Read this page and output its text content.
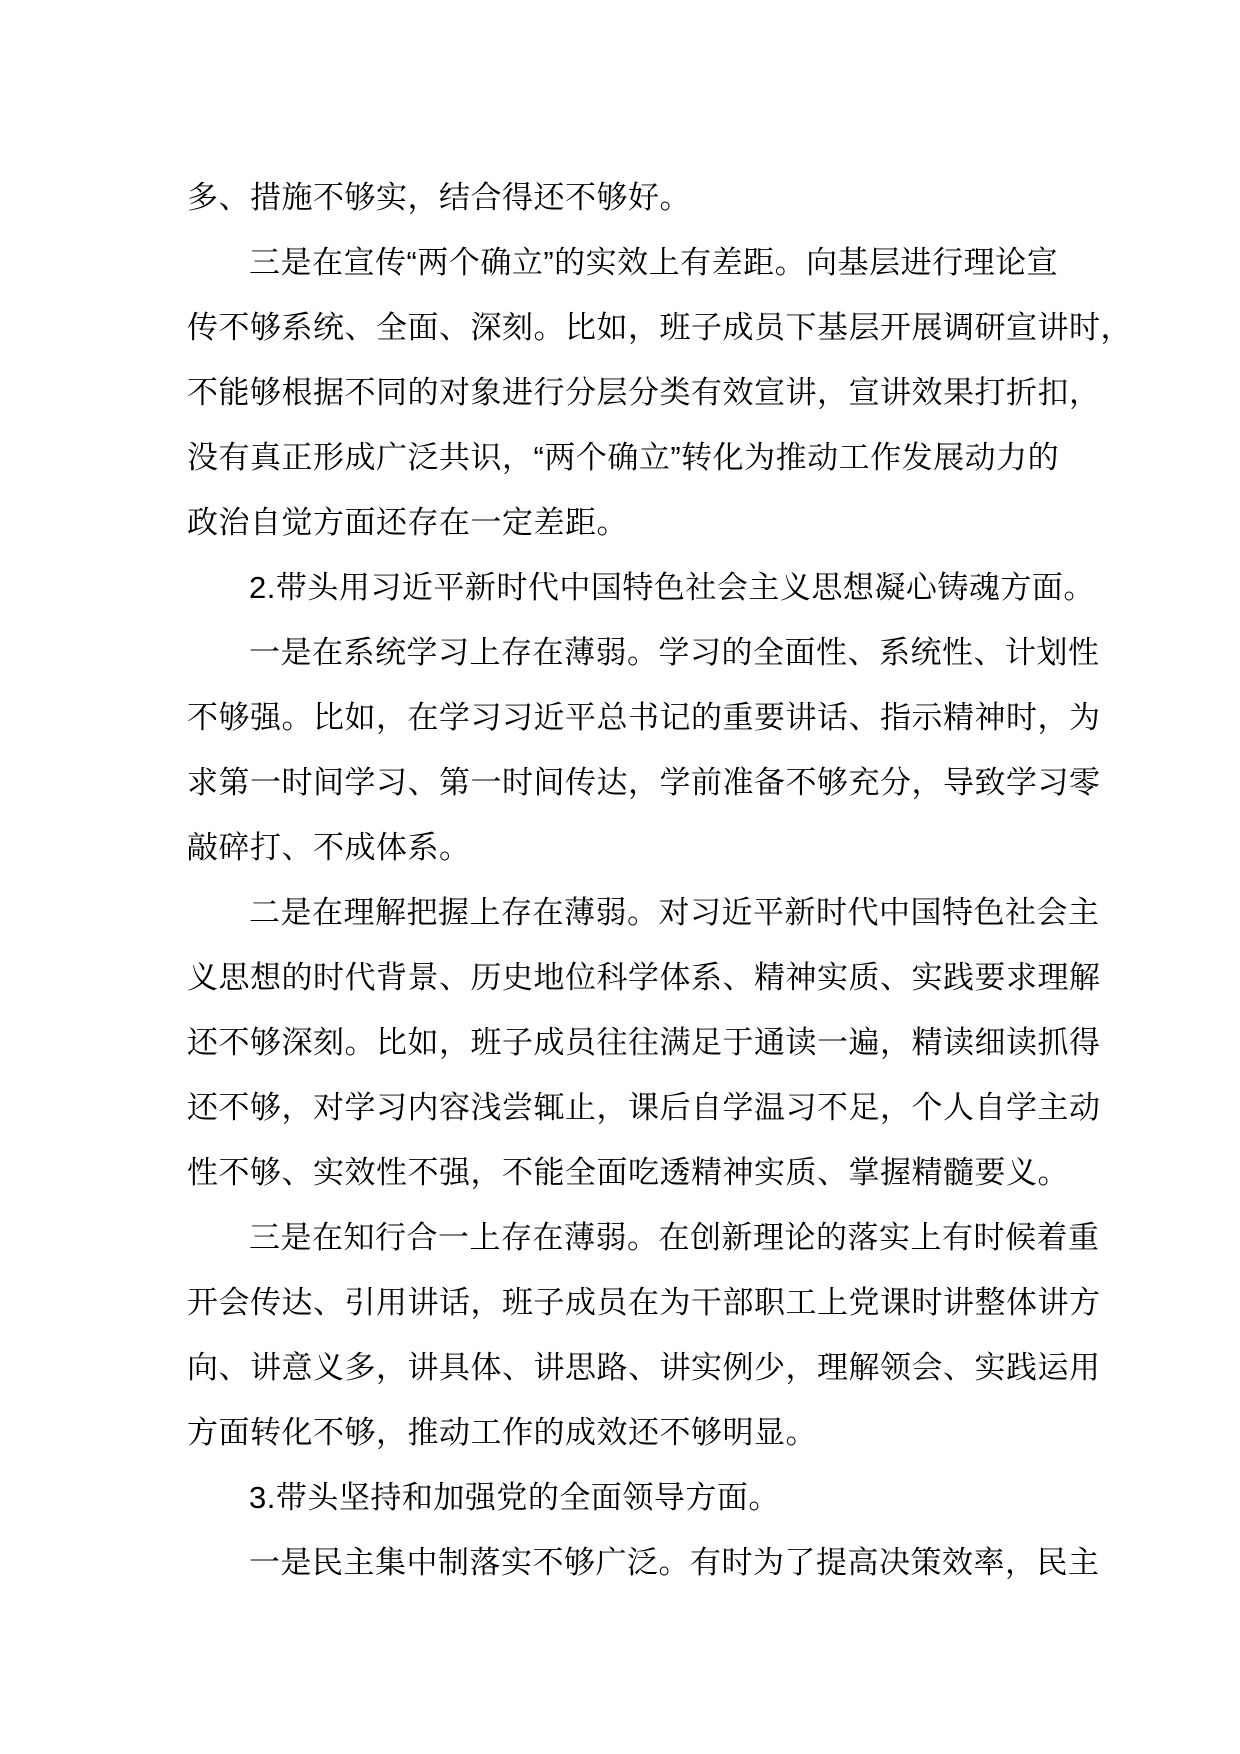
多、措施不够实，结合得还不够好。
三是在宣传“两个确立”的实效上有差距。向基层进行理论宣
传不够系统、全面、深刻。比如，班子成员下基层开展调研宣讲时，
不能够根据不同的对象进行分层分类有效宣讲，宣讲效果打折扣，
没有真正形成广泛共识，“两个确立”转化为推动工作发展动力的
政治自觉方面还存在一定差距。
2.带头用习近平新时代中国特色社会主义思想凝心铸魂方面。
一是在系统学习上存在薄弱。学习的全面性、系统性、计划性
不够强。比如，在学习习近平总书记的重要讲话、指示精神时，为
求第一时间学习、第一时间传达，学前准备不够充分，导致学习零
敲碎打、不成体系。
二是在理解把握上存在薄弱。对习近平新时代中国特色社会主
义思想的时代背景、历史地位科学体系、精神实质、实践要求理解
还不够深刻。比如，班子成员往往满足于通读一遍，精读细读抓得
还不够，对学习内容浅尝辄止，课后自学温习不足，个人自学主动
性不够、实效性不强，不能全面吃透精神实质、掌握精髓要义。
三是在知行合一上存在薄弱。在创新理论的落实上有时候着重
开会传达、引用讲话，班子成员在为干部职工上党课时讲整体讲方
向、讲意义多，讲具体、讲思路、讲实例少，理解领会、实践运用
方面转化不够，推动工作的成效还不够明显。
3.带头坚持和加强党的全面领导方面。
一是民主集中制落实不够广泛。有时为了提高决策效率，民主
